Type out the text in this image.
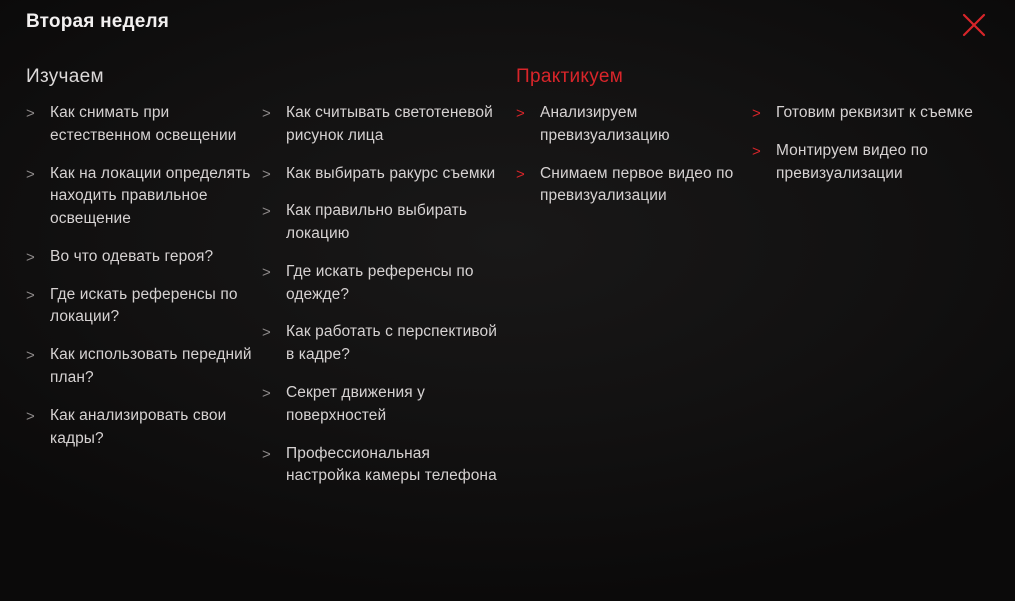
Вторая неделя
Изучаем
> Как снимать при естественном освещении
> Как на локации определять находить правильное освещение
> Во что одевать героя?
> Где искать референсы по локации?
> Как использовать передний план?
> Как анализировать свои кадры?
> Как считывать светотеневой рисунок лица
> Как выбирать ракурс съемки
> Как правильно выбирать локацию
> Где искать референсы по одежде?
> Как работать с перспективой в кадре?
> Секрет движения у поверхностей
> Профессиональная настройка камеры телефона
Практикуем
> Анализируем превизуализацию
> Снимаем первое видео по превизуализации
> Готовим реквизит к съемке
> Монтируем видео по превизуализации
